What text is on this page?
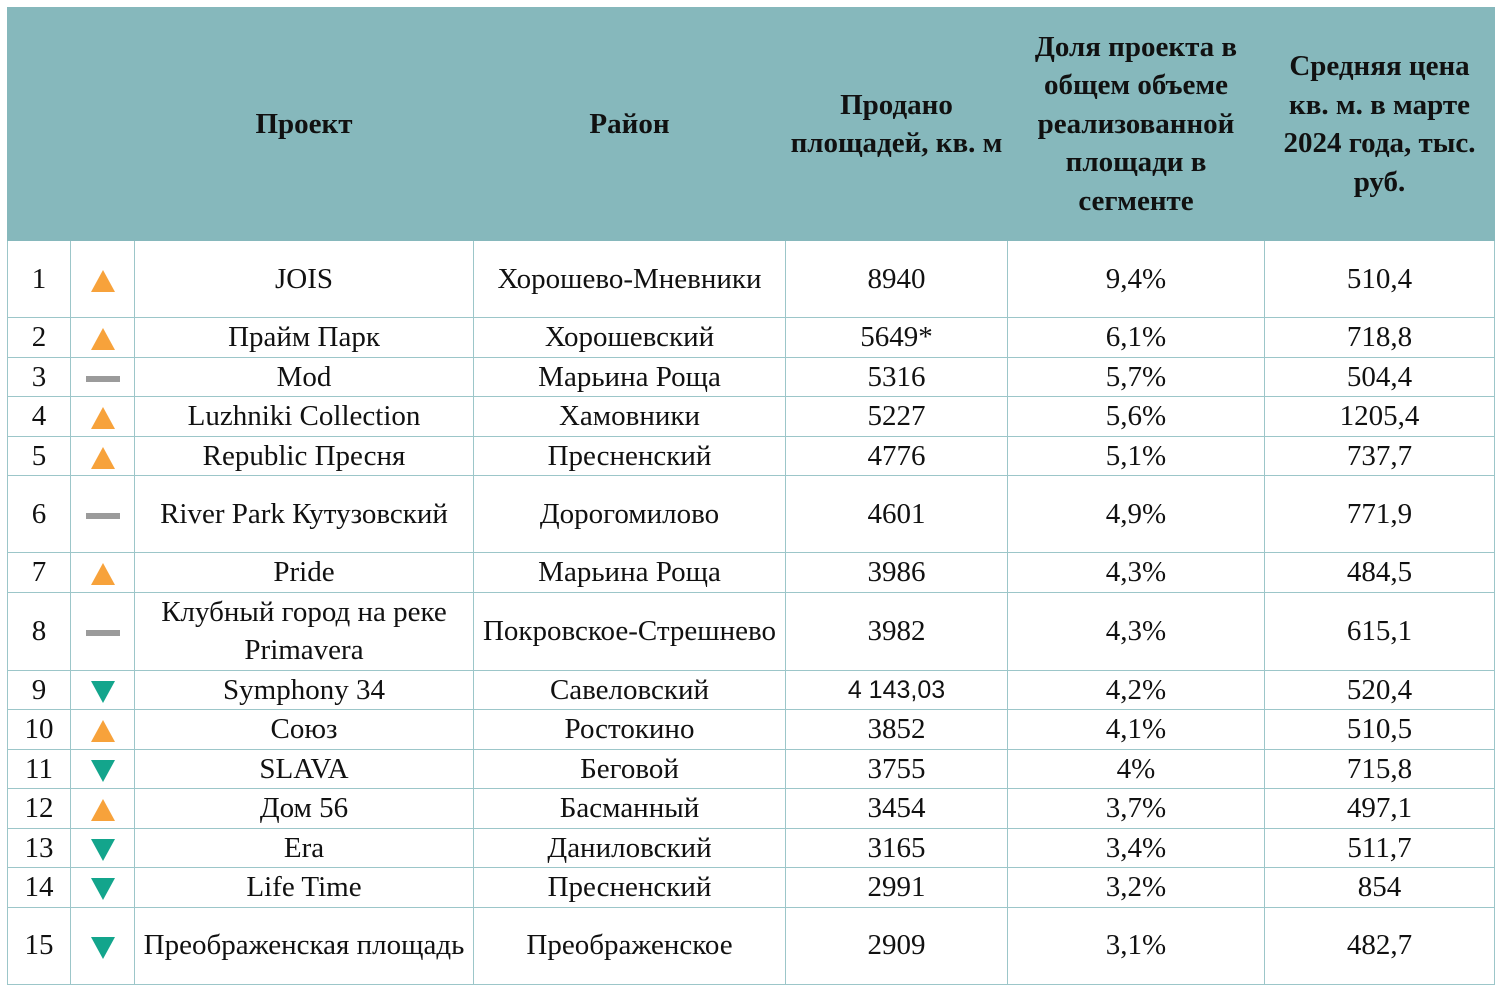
		Проект	Район	Продано площадей, кв. м	Доля проекта в общем объеме реализованной площади в сегменте	Средняя цена кв. м. в марте 2024 года, тыс. руб.
1		JOIS	Хорошево-Мневники	8940	9,4%	510,4
2		Прайм Парк	Хорошевский	5649*	6,1%	718,8
3		Mod	Марьина Роща	5316	5,7%	504,4
4		Luzhniki Collection	Хамовники	5227	5,6%	1205,4
5		Republic Пресня	Пресненский	4776	5,1%	737,7
6		River Park Кутузовский	Дорогомилово	4601	4,9%	771,9
7		Pride	Марьина Роща	3986	4,3%	484,5
8		Клубный город на реке Primavera	Покровское-Стрешнево	3982	4,3%	615,1
9		Symphony 34	Савеловский	4 143,03	4,2%	520,4
10		Союз	Ростокино	3852	4,1%	510,5
11		SLAVA	Беговой	3755	4%	715,8
12		Дом 56	Басманный	3454	3,7%	497,1
13		Era	Даниловский	3165	3,4%	511,7
14		Life Time	Пресненский	2991	3,2%	854
15		Преображенская площадь	Преображенское	2909	3,1%	482,7
